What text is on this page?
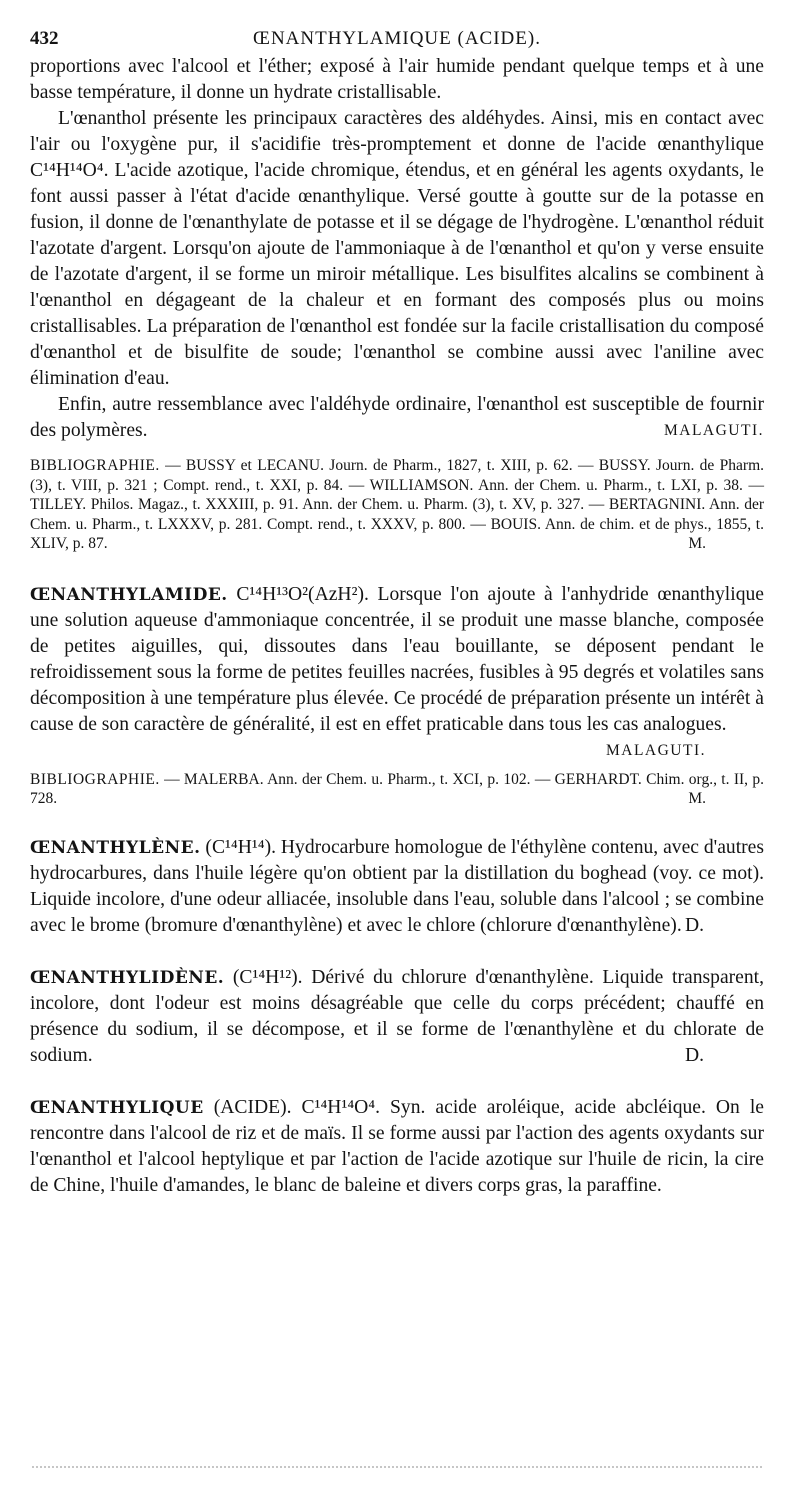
432	ŒNANTHYLAMIQUE (ACIDE).

proportions avec l'alcool et l'éther; exposé à l'air humide pendant quelque temps et à une basse température, il donne un hydrate cristallisable.

L'œnanthol présente les principaux caractères des aldéhydes. Ainsi, mis en contact avec l'air ou l'oxygène pur, il s'acidifie très-promptement et donne de l'acide œnanthylique C¹⁴H¹⁴O⁴. L'acide azotique, l'acide chromique, étendus, et en général les agents oxydants, le font aussi passer à l'état d'acide œnanthylique. Versé goutte à goutte sur de la potasse en fusion, il donne de l'œnanthylate de potasse et il se dégage de l'hydrogène. L'œnanthol réduit l'azotate d'argent. Lorsqu'on ajoute de l'ammoniaque à de l'œnanthol et qu'on y verse ensuite de l'azotate d'argent, il se forme un miroir métallique. Les bisulfites alcalins se combinent à l'œnanthol en dégageant de la chaleur et en formant des composés plus ou moins cristallisables. La préparation de l'œnanthol est fondée sur la facile cristallisation du composé d'œnanthol et de bisulfite de soude; l'œnanthol se combine aussi avec l'aniline avec élimination d'eau.

Enfin, autre ressemblance avec l'aldéhyde ordinaire, l'œnanthol est susceptible de fournir des polymères.	MALAGUTI.

BIBLIOGRAPHIE. — BUSSY et LECANU. Journ. de Pharm., 1827, t. XIII, p. 62. — BUSSY. Journ. de Pharm. (3), t. VIII, p. 321 ; Compt. rend., t. XXI, p. 84. — WILLIAMSON. Ann. der Chem. u. Pharm., t. LXI, p. 38. — TILLEY. Philos. Magaz., t. XXXIII, p. 91. Ann. der Chem. u. Pharm. (3), t. XV, p. 327. — BERTAGNINI. Ann. der Chem. u. Pharm., t. LXXXV, p. 281. Compt. rend., t. XXXV, p. 800. — BOUIS. Ann. de chim. et de phys., 1855, t. XLIV, p. 87.	M.

ŒNANTHYLAMIDE. C¹⁴H¹³O²(AzH²). Lorsque l'on ajoute à l'anhydride œnanthylique une solution aqueuse d'ammoniaque concentrée, il se produit une masse blanche, composée de petites aiguilles, qui, dissoutes dans l'eau bouillante, se déposent pendant le refroidissement sous la forme de petites feuilles nacrées, fusibles à 95 degrés et volatiles sans décomposition à une température plus élevée. Ce procédé de préparation présente un intérêt à cause de son caractère de généralité, il est en effet praticable dans tous les cas analogues.

MALAGUTI.
BIBLIOGRAPHIE. — MALERBA. Ann. der Chem. u. Pharm., t. XCI, p. 102. — GERHARDT. Chim. org., t. II, p. 728.	M.

ŒNANTHYLÈNE. (C¹⁴H¹⁴). Hydrocarbure homologue de l'éthylène contenu, avec d'autres hydrocarbures, dans l'huile légère qu'on obtient par la distillation du boghead (voy. ce mot). Liquide incolore, d'une odeur alliacée, insoluble dans l'eau, soluble dans l'alcool ; se combine avec le brome (bromure d'œnanthylène) et avec le chlore (chlorure d'œnanthylène). D.

ŒNANTHYLIDÈNE. (C¹⁴H¹²). Dérivé du chlorure d'œnanthylène. Liquide transparent, incolore, dont l'odeur est moins désagréable que celle du corps précédent; chauffé en présence du sodium, il se décompose, et il se forme de l'œnanthylène et du chlorate de sodium.	D.

ŒNANTHYLIQUE (ACIDE). C¹⁴H¹⁴O⁴. Syn. acide aroléique, acide abcléique. On le rencontre dans l'alcool de riz et de maïs. Il se forme aussi par l'action des agents oxydants sur l'œnanthol et l'alcool heptylique et par l'action de l'acide azotique sur l'huile de ricin, la cire de Chine, l'huile d'amandes, le blanc de baleine et divers corps gras, la paraffine.
